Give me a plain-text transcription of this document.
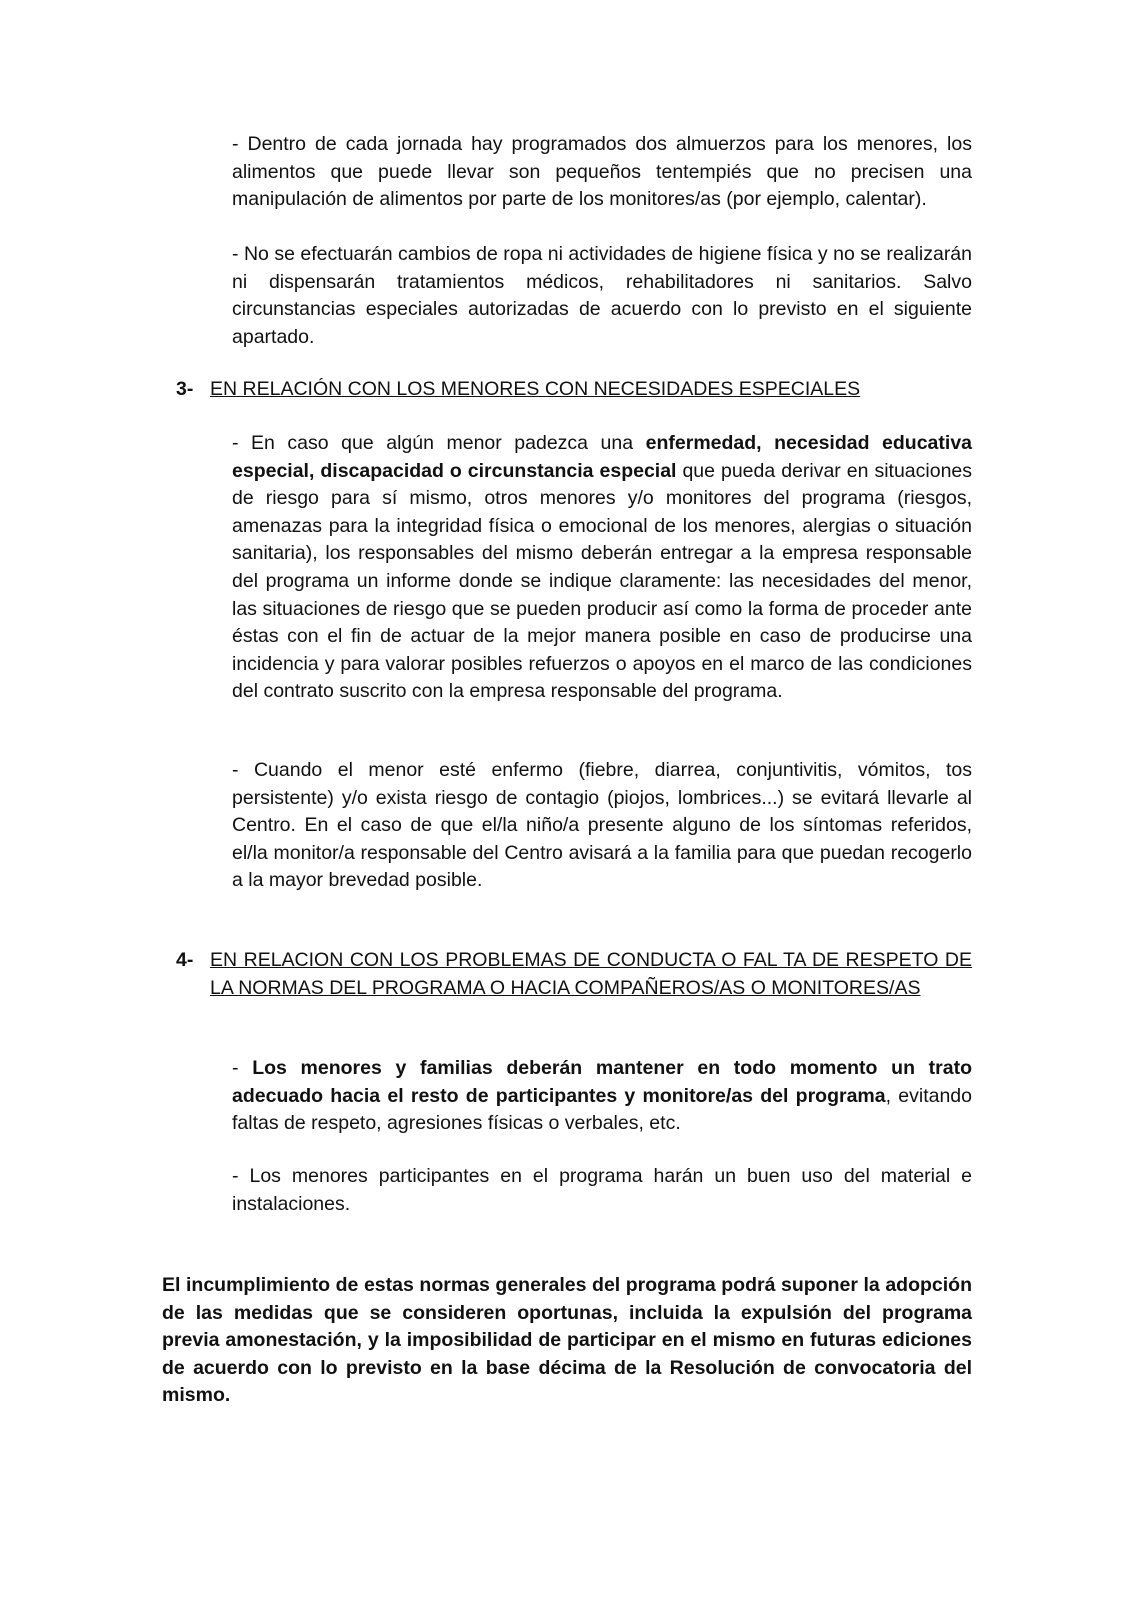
- Dentro de cada jornada hay programados dos almuerzos para los menores, los alimentos que puede llevar son pequeños tentempiés que no precisen una manipulación de alimentos por parte de los monitores/as (por ejemplo, calentar).

- No se efectuarán cambios de ropa ni actividades de higiene física y no se realizarán ni dispensarán tratamientos médicos, rehabilitadores ni sanitarios. Salvo circunstancias especiales autorizadas de acuerdo con lo previsto en el siguiente apartado.

3- EN RELACIÓN CON LOS MENORES CON NECESIDADES ESPECIALES

- En caso que algún menor padezca una enfermedad, necesidad educativa especial, discapacidad o circunstancia especial que pueda derivar en situaciones de riesgo para sí mismo, otros menores y/o monitores del programa (riesgos, amenazas para la integridad física o emocional de los menores, alergias o situación sanitaria), los responsables del mismo deberán entregar a la empresa responsable del programa un informe donde se indique claramente: las necesidades del menor, las situaciones de riesgo que se pueden producir así como la forma de proceder ante éstas con el fin de actuar de la mejor manera posible en caso de producirse una incidencia y para valorar posibles refuerzos o apoyos en el marco de las condiciones del contrato suscrito con la empresa responsable del programa.

- Cuando el menor esté enfermo (fiebre, diarrea, conjuntivitis, vómitos, tos persistente) y/o exista riesgo de contagio (piojos, lombrices...) se evitará llevarle al Centro. En el caso de que el/la niño/a presente alguno de los síntomas referidos, el/la monitor/a responsable del Centro avisará a la familia para que puedan recogerlo a la mayor brevedad posible.

4- EN RELACION CON LOS PROBLEMAS DE CONDUCTA O FAL TA DE RESPETO DE LA NORMAS DEL PROGRAMA O HACIA COMPAÑEROS/AS O MONITORES/AS

- Los menores y familias deberán mantener en todo momento un trato adecuado hacia el resto de participantes y monitore/as del programa, evitando faltas de respeto, agresiones físicas o verbales, etc.

- Los menores participantes en el programa harán un buen uso del material e instalaciones.

El incumplimiento de estas normas generales del programa podrá suponer la adopción de las medidas que se consideren oportunas, incluida la expulsión del programa previa amonestación, y la imposibilidad de participar en el mismo en futuras ediciones de acuerdo con lo previsto en la base décima de la Resolución de convocatoria del mismo.
